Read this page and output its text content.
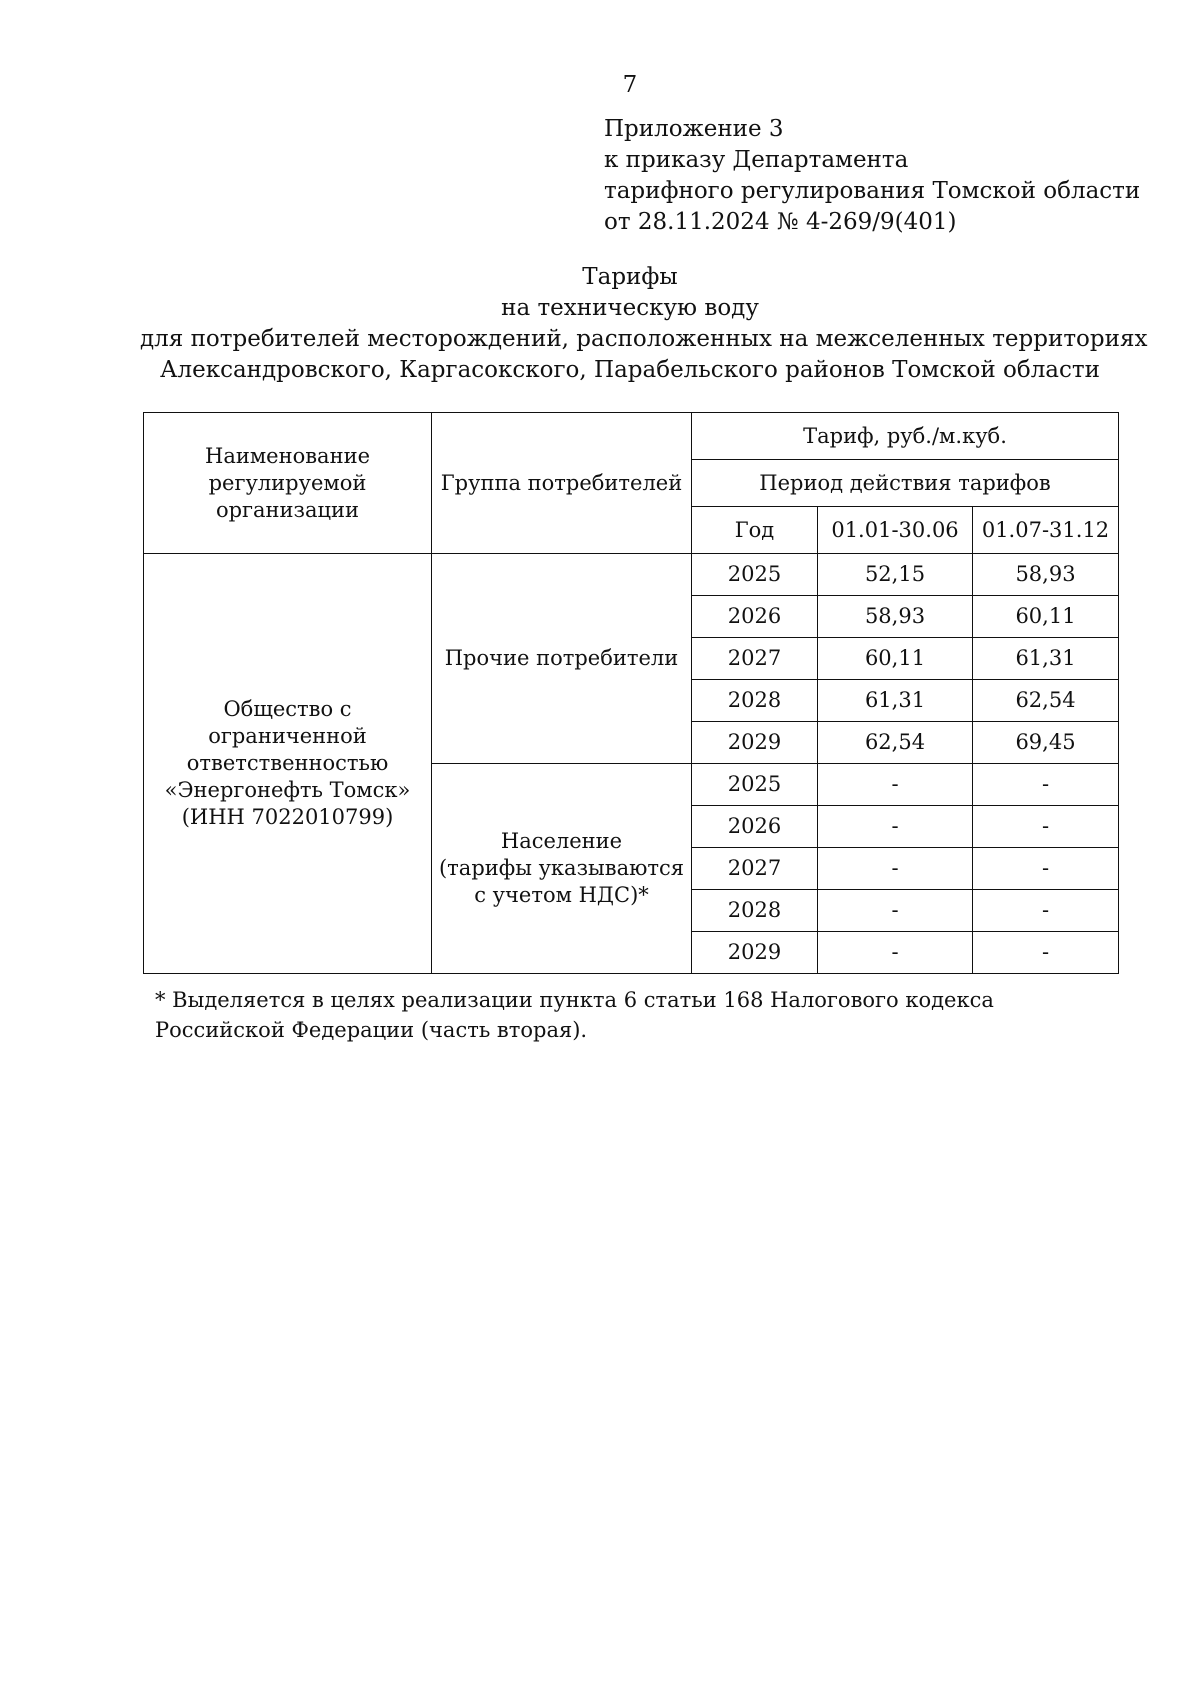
7
Приложение 3
к приказу Департамента
тарифного регулирования Томской области
от 28.11.2024 № 4-269/9(401)
Тарифы
на техническую воду
для потребителей месторождений, расположенных на межселенных территориях
Александровского, Каргасокского, Парабельского районов Томской области
Наименование регулируемой организации	Группа потребителей	Тариф, руб./м.куб.		
		Период действия тарифов		
		Год	01.01-30.06	01.07-31.12

Общество с
ограниченной
ответственностью
«Энергонефть Томск»
(ИНН 7022010799)	Прочие потребители	2025	52,15	58,93
		2026	58,93	60,11
		2027	60,11	61,31
		2028	61,31	62,54
		2029	62,54	69,45

	Население
(тарифы указываются
с учетом НДС)*	2025	-	-
		2026	-	-
		2027	-	-
		2028	-	-
		2029	-	-
* Выделяется в целях реализации пункта 6 статьи 168 Налогового кодекса Российской Федерации (часть вторая).
